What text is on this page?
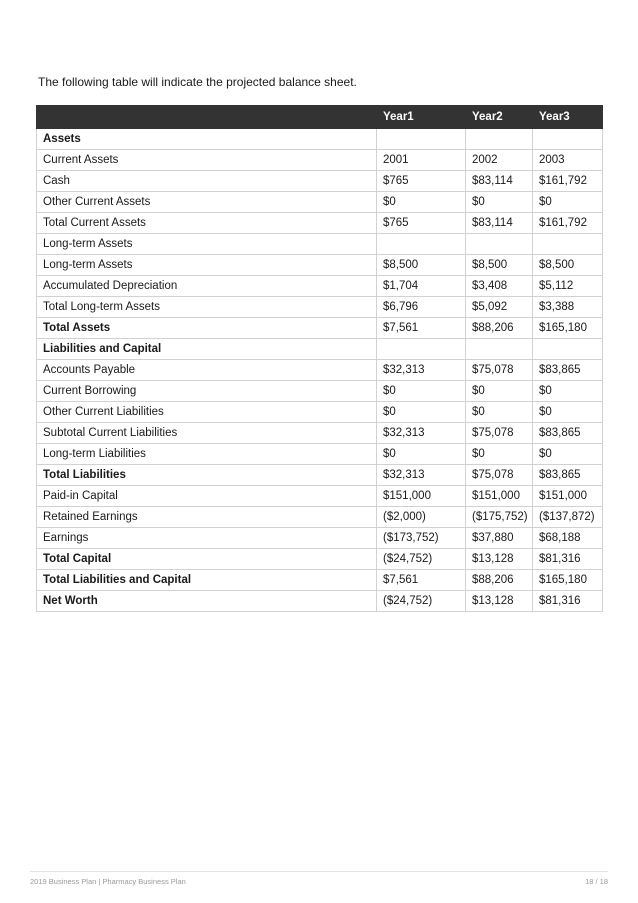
The following table will indicate the projected balance sheet.

	Year1	Year2	Year3
Assets			
Current Assets	2001	2002	2003
Cash	$765	$83,114	$161,792
Other Current Assets	$0	$0	$0
Total Current Assets	$765	$83,114	$161,792
Long-term Assets			
Long-term Assets	$8,500	$8,500	$8,500
Accumulated Depreciation	$1,704	$3,408	$5,112
Total Long-term Assets	$6,796	$5,092	$3,388
Total Assets	$7,561	$88,206	$165,180
Liabilities and Capital			
Accounts Payable	$32,313	$75,078	$83,865
Current Borrowing	$0	$0	$0
Other Current Liabilities	$0	$0	$0
Subtotal Current Liabilities	$32,313	$75,078	$83,865
Long-term Liabilities	$0	$0	$0
Total Liabilities	$32,313	$75,078	$83,865
Paid-in Capital	$151,000	$151,000	$151,000
Retained Earnings	($2,000)	($175,752)	($137,872)
Earnings	($173,752)	$37,880	$68,188
Total Capital	($24,752)	$13,128	$81,316
Total Liabilities and Capital	$7,561	$88,206	$165,180
Net Worth	($24,752)	$13,128	$81,316
2019 Business Plan | Pharmacy Business Plan	18 / 18
